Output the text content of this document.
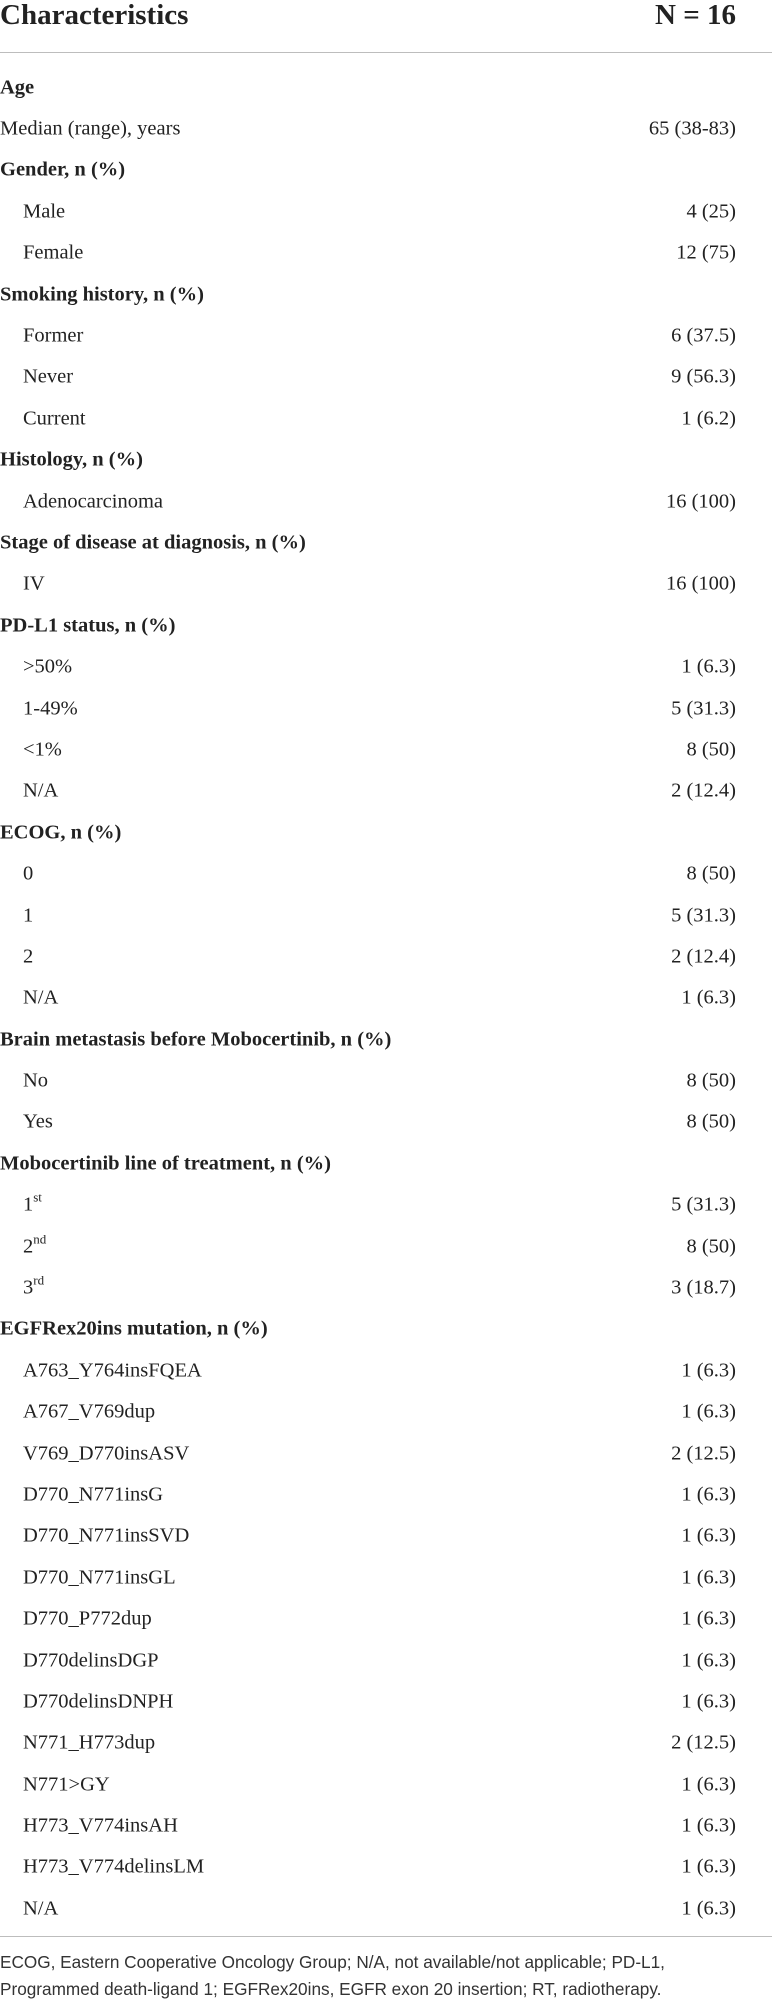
Characteristics	N = 16
Age
Median (range), years	65 (38-83)
Gender, n (%)
Male	4 (25)
Female	12 (75)
Smoking history, n (%)
Former	6 (37.5)
Never	9 (56.3)
Current	1 (6.2)
Histology, n (%)
Adenocarcinoma	16 (100)
Stage of disease at diagnosis, n (%)
IV	16 (100)
PD-L1 status, n (%)
>50%	1 (6.3)
1-49%	5 (31.3)
<1%	8 (50)
N/A	2 (12.4)
ECOG, n (%)
0	8 (50)
1	5 (31.3)
2	2 (12.4)
N/A	1 (6.3)
Brain metastasis before Mobocertinib, n (%)
No	8 (50)
Yes	8 (50)
Mobocertinib line of treatment, n (%)
1st	5 (31.3)
2nd	8 (50)
3rd	3 (18.7)
EGFRex20ins mutation, n (%)
A763_Y764insFQEA	1 (6.3)
A767_V769dup	1 (6.3)
V769_D770insASV	2 (12.5)
D770_N771insG	1 (6.3)
D770_N771insSVD	1 (6.3)
D770_N771insGL	1 (6.3)
D770_P772dup	1 (6.3)
D770delinsDGP	1 (6.3)
D770delinsDNPH	1 (6.3)
N771_H773dup	2 (12.5)
N771>GY	1 (6.3)
H773_V774insAH	1 (6.3)
H773_V774delinsLM	1 (6.3)
N/A	1 (6.3)
ECOG, Eastern Cooperative Oncology Group; N/A, not available/not applicable; PD-L1,
Programmed death-ligand 1; EGFRex20ins, EGFR exon 20 insertion; RT, radiotherapy.
